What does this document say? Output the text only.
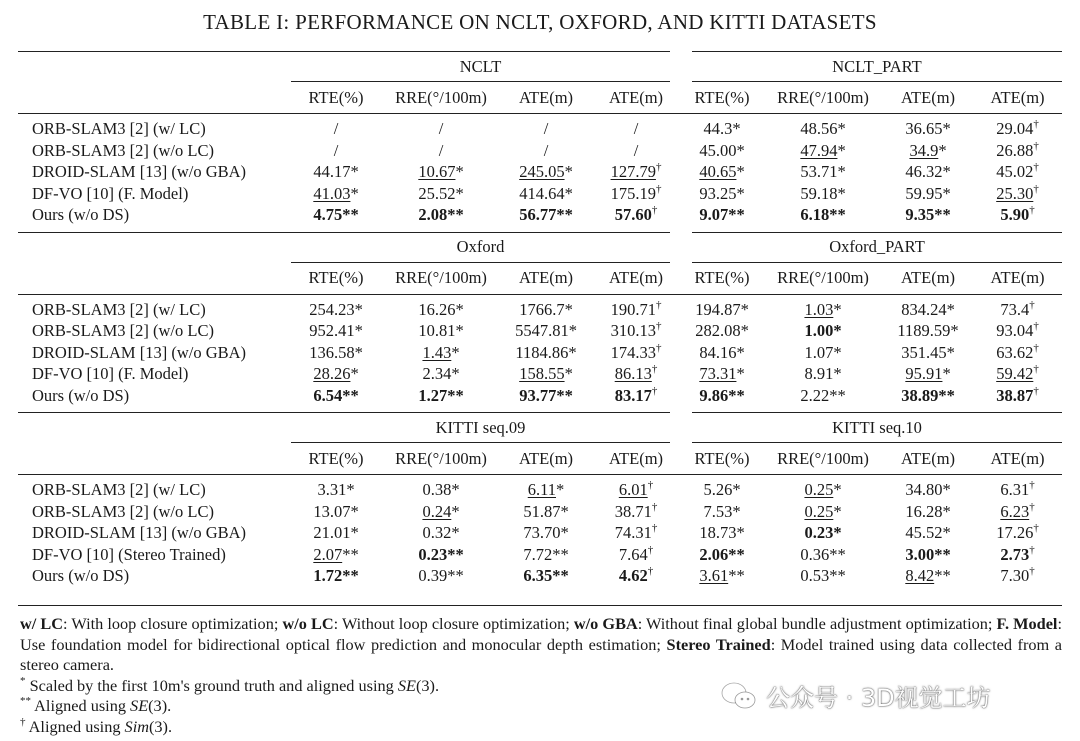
TABLE I: PERFORMANCE ON NCLT, OXFORD, AND KITTI DATASETS
	NCLT				NCLT_PART			
	RTE(%)	RRE(°/100m)	ATE(m)	ATE(m)	RTE(%)	RRE(°/100m)	ATE(m)	ATE(m)
ORB-SLAM3 [2] (w/ LC)	/	/	/	/	44.3*	48.56*	36.65*	29.04†
ORB-SLAM3 [2] (w/o LC)	/	/	/	/	45.00*	47.94*	34.9*	26.88†
DROID-SLAM [13] (w/o GBA)	44.17*	10.67*	245.05*	127.79†	40.65*	53.71*	46.32*	45.02†
DF-VO [10] (F. Model)	41.03*	25.52*	414.64*	175.19†	93.25*	59.18*	59.95*	25.30†
Ours (w/o DS)	4.75**	2.08**	56.77**	57.60†	9.07**	6.18**	9.35**	5.90†
	Oxford				Oxford_PART			
	RTE(%)	RRE(°/100m)	ATE(m)	ATE(m)	RTE(%)	RRE(°/100m)	ATE(m)	ATE(m)
ORB-SLAM3 [2] (w/ LC)	254.23*	16.26*	1766.7*	190.71†	194.87*	1.03*	834.24*	73.4†
ORB-SLAM3 [2] (w/o LC)	952.41*	10.81*	5547.81*	310.13†	282.08*	1.00*	1189.59*	93.04†
DROID-SLAM [13] (w/o GBA)	136.58*	1.43*	1184.86*	174.33†	84.16*	1.07*	351.45*	63.62†
DF-VO [10] (F. Model)	28.26*	2.34*	158.55*	86.13†	73.31*	8.91*	95.91*	59.42†
Ours (w/o DS)	6.54**	1.27**	93.77**	83.17†	9.86**	2.22**	38.89**	38.87†
	KITTI seq.09				KITTI seq.10			
	RTE(%)	RRE(°/100m)	ATE(m)	ATE(m)	RTE(%)	RRE(°/100m)	ATE(m)	ATE(m)
ORB-SLAM3 [2] (w/ LC)	3.31*	0.38*	6.11*	6.01†	5.26*	0.25*	34.80*	6.31†
ORB-SLAM3 [2] (w/o LC)	13.07*	0.24*	51.87*	38.71†	7.53*	0.25*	16.28*	6.23†
DROID-SLAM [13] (w/o GBA)	21.01*	0.32*	73.70*	74.31†	18.73*	0.23*	45.52*	17.26†
DF-VO [10] (Stereo Trained)	2.07**	0.23**	7.72**	7.64†	2.06**	0.36**	3.00**	2.73†
Ours (w/o DS)	1.72**	0.39**	6.35**	4.62†	3.61**	0.53**	8.42**	7.30†

w/ LC: With loop closure optimization; w/o LC: Without loop closure optimization; w/o GBA: Without final global bundle adjustment optimization; F. Model: Use foundation model for bidirectional optical flow prediction and monocular depth estimation; Stereo Trained: Model trained using data collected from a stereo camera.

* Scaled by the first 10m's ground truth and aligned using SE(3).

** Aligned using SE(3).

† Aligned using Sim(3).

公众号 · 3D视觉工坊
